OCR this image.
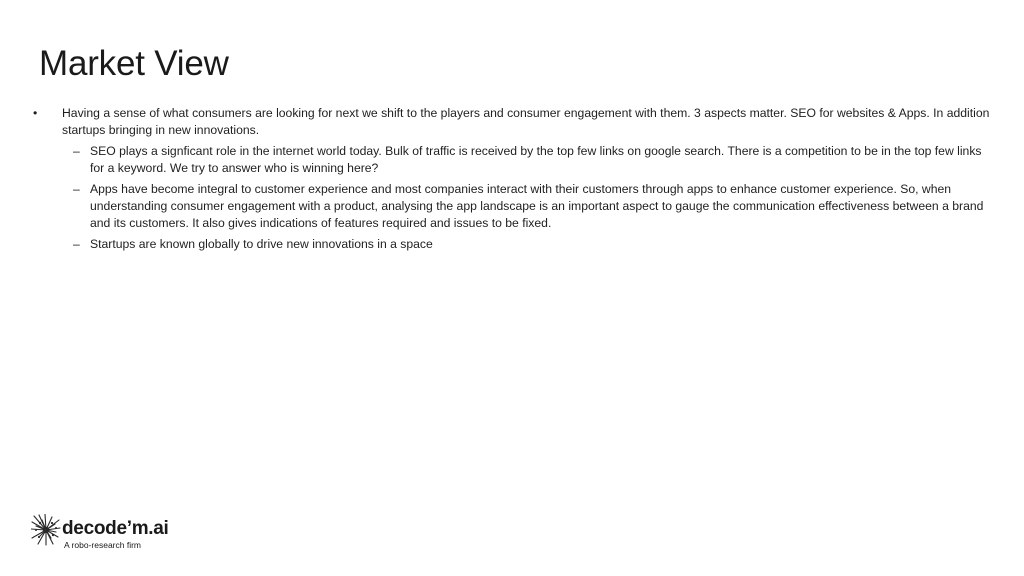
Market View
•	Having a sense of what consumers are looking for next we shift to the players and consumer engagement with them. 3 aspects matter. SEO for websites & Apps. In addition startups bringing in new innovations.
– SEO plays a signficant role in the internet world today. Bulk of traffic is received by the top few links on google search. There is a competition to be in the top few links for a keyword. We try to answer who is winning here?
– Apps have become integral to customer experience and most companies interact with their customers through apps to enhance customer experience. So, when understanding consumer engagement with a product, analysing the app landscape is an important aspect to gauge the communication effectiveness between a brand and its customers. It also gives indications of features required and issues to be fixed.
– Startups are known globally to drive new innovations in a space
decode’m.ai
A robo-research firm
